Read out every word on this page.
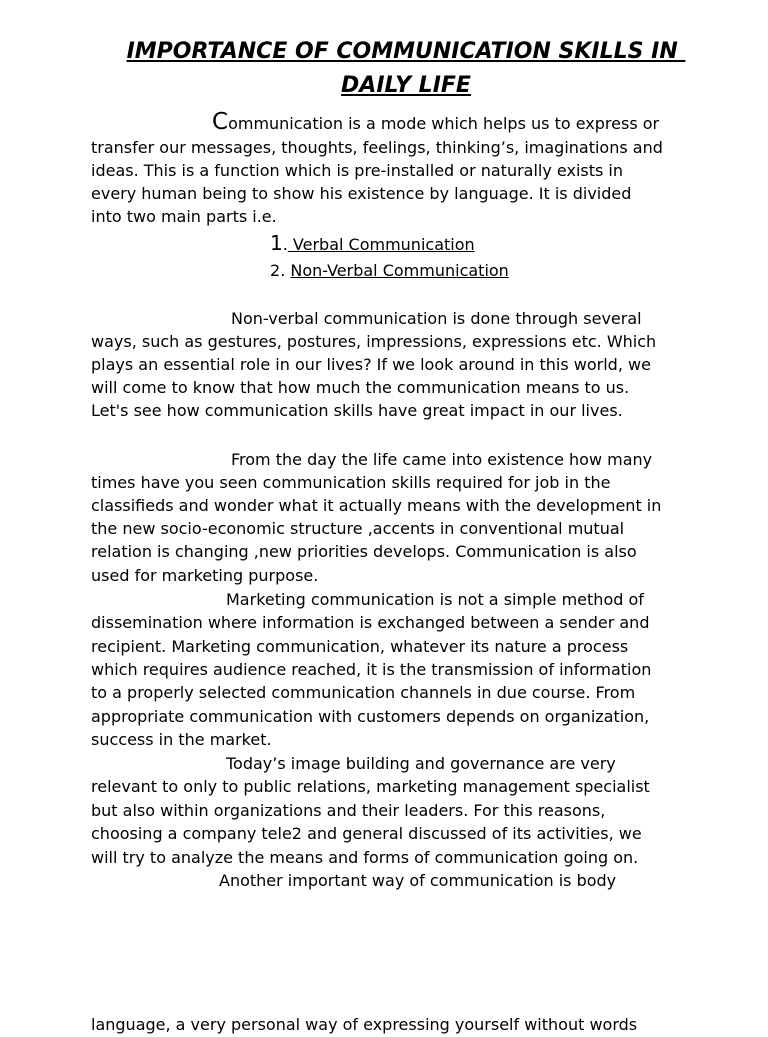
IMPORTANCE OF COMMUNICATION SKILLS IN
DAILY LIFE
Communication is a mode which helps us to express or
transfer our messages, thoughts, feelings, thinking’s, imaginations and
ideas. This is a function which is pre-installed or naturally exists in
every human being to show his existence by language. It is divided
into two main parts i.e.
1. Verbal Communication
2. Non-Verbal Communication
Non-verbal communication is done through several
ways, such as gestures, postures, impressions, expressions etc. Which
plays an essential role in our lives? If we look around in this world, we
will come to know that how much the communication means to us.
Let's see how communication skills have great impact in our lives.
From the day the life came into existence how many
times have you seen communication skills required for job in the
classifieds and wonder what it actually means with the development in
the new socio-economic structure ,accents in conventional mutual
relation is changing ,new priorities develops. Communication is also
used for marketing purpose.
Marketing communication is not a simple method of
dissemination where information is exchanged between a sender and
recipient. Marketing communication, whatever its nature a process
which requires audience reached, it is the transmission of information
to a properly selected communication channels in due course. From
appropriate communication with customers depends on organization,
success in the market.
Today’s image building and governance are very
relevant to only to public relations, marketing management specialist
but also within organizations and their leaders. For this reasons,
choosing a company tele2 and general discussed of its activities, we
will try to analyze the means and forms of communication going on.
Another important way of communication is body
language, a very personal way of expressing yourself without words
